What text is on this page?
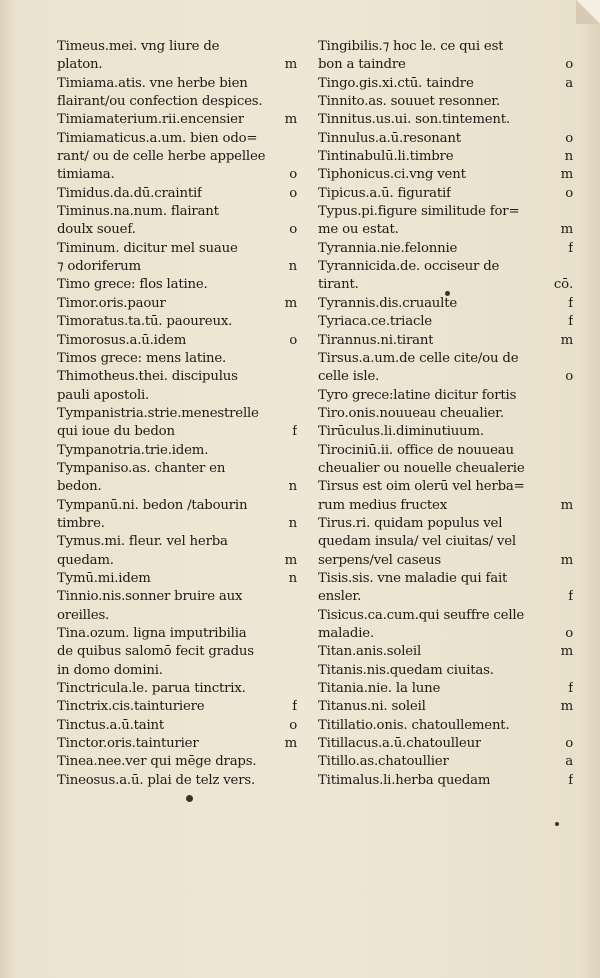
Timeus.mei. vng liure de
platon.	m
Timiama.atis. vne herbe bien
flairant/ou confection despices.
Timiamaterium.rii.encensier	m
Timiamaticus.a.um. bien odo=
rant/ ou de celle herbe appellee
timiama.	o
Timidus.da.dū.craintif	o
Timinus.na.num. flairant
doulx souef.	o
Timinum. dicitur mel suaue
⁊ odoriferum	n
Timo grece: flos latine.
Timor.oris.paour	m
Timoratus.ta.tū. paoureux.
Timorosus.a.ū.idem	o
Timos grece: mens latine.
Thimotheus.thei. discipulus
pauli apostoli.
Tympanistria.strie.menestrelle
qui ioue du bedon	f
Tympanotria.trie.idem.
Tympaniso.as. chanter en
bedon.	n
Tympanū.ni. bedon /tabourin
timbre.	n
Tymus.mi. fleur. vel herba
quedam.	m
Tymū.mi.idem	n
Tinnio.nis.sonner bruire aux
oreilles.
Tina.ozum. ligna imputribilia
de quibus salomō fecit gradus
in domo domini.
Tinctricula.le. parua tinctrix.
Tinctrix.cis.tainturiere	f
Tinctus.a.ū.taint	o
Tinctor.oris.tainturier	m
Tinea.nee.ver qui mēge draps.
Tineosus.a.ū. plai de telz vers.
Tingibilis.⁊ hoc le. ce qui est
bon a taindre	o
Tingo.gis.xi.ctū. taindre	a
Tinnito.as. souuet resonner.
Tinnitus.us.ui. son.tintement.
Tinnulus.a.ū.resonant	o
Tintinabulū.li.timbre	n
Tiphonicus.ci.vng vent	m
Tipicus.a.ū. figuratif	o
Typus.pi.figure similitude for=
me ou estat.	m
Tyrannia.nie.felonnie	f
Tyrannicida.de. occiseur de
tirant.	cō.
Tyrannis.dis.cruaulte	f
Tyriaca.ce.triacle	f
Tirannus.ni.tirant	m
Tirsus.a.um.de celle cite/ou de
celle isle.	o
Tyro grece:latine dicitur fortis
Tiro.onis.nouueau cheualier.
Tirūculus.li.diminutiuum.
Tirociniū.ii. office de nouueau
cheualier ou nouelle cheualerie
Tirsus est oim olerū vel herba=
rum medius fructex	m
Tirus.ri. quidam populus vel
quedam insula/ vel ciuitas/ vel
serpens/vel caseus	m
Tisis.sis. vne maladie qui fait
ensler.	f
Tisicus.ca.cum.qui seuffre celle
maladie.	o
Titan.anis.soleil	m
Titanis.nis.quedam ciuitas.
Titania.nie. la lune	f
Titanus.ni. soleil	m
Titillatio.onis. chatoullement.
Titillacus.a.ū.chatoulleur	o
Titillo.as.chatoullier	a
Titimalus.li.herba quedam	f
